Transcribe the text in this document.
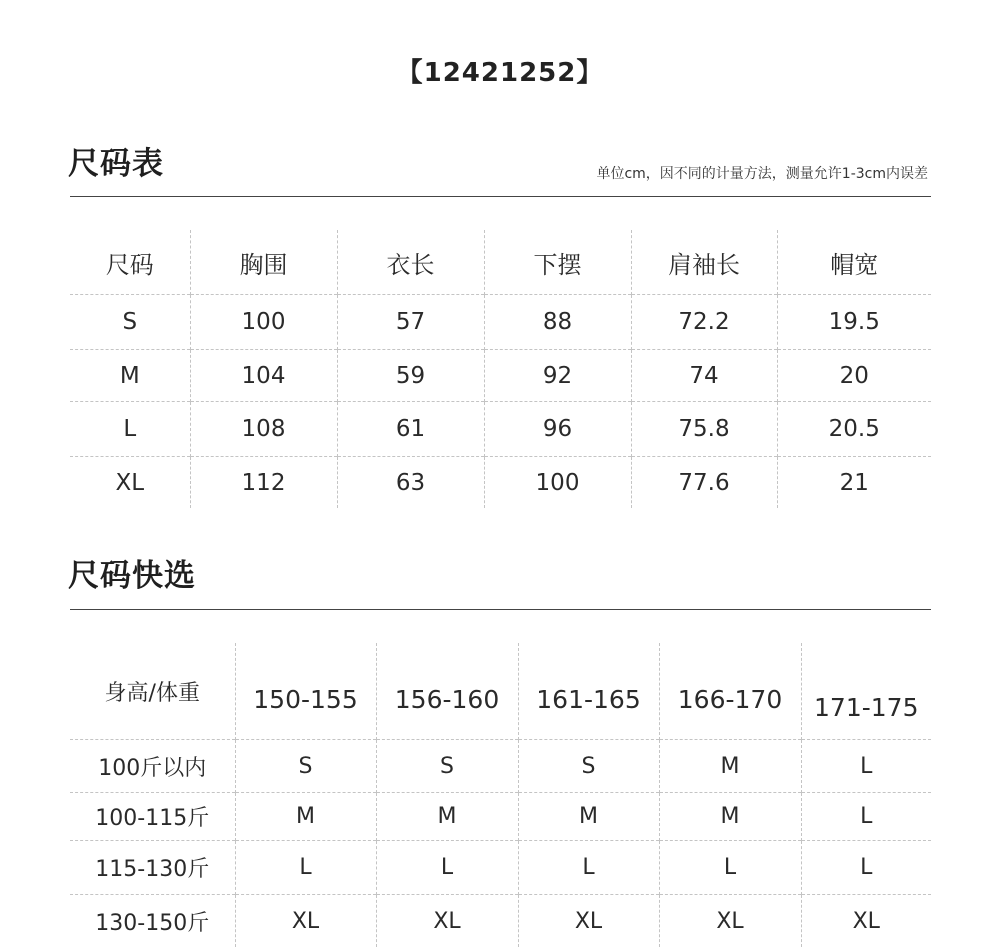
【12421252】
尺码表	单位cm，因不同的计量方法，测量允许1-3cm内误差
尺码	胸围	衣长	下摆	肩袖长	帽宽
S	100	57	88	72.2	19.5
M	104	59	92	74	20
L	108	61	96	75.8	20.5
XL	112	63	100	77.6	21
尺码快选
身高/体重	150-155	156-160	161-165	166-170	171-175
100斤以内	S	S	S	M	L
100-115斤	M	M	M	M	L
115-130斤	L	L	L	L	L
130-150斤	XL	XL	XL	XL	XL
